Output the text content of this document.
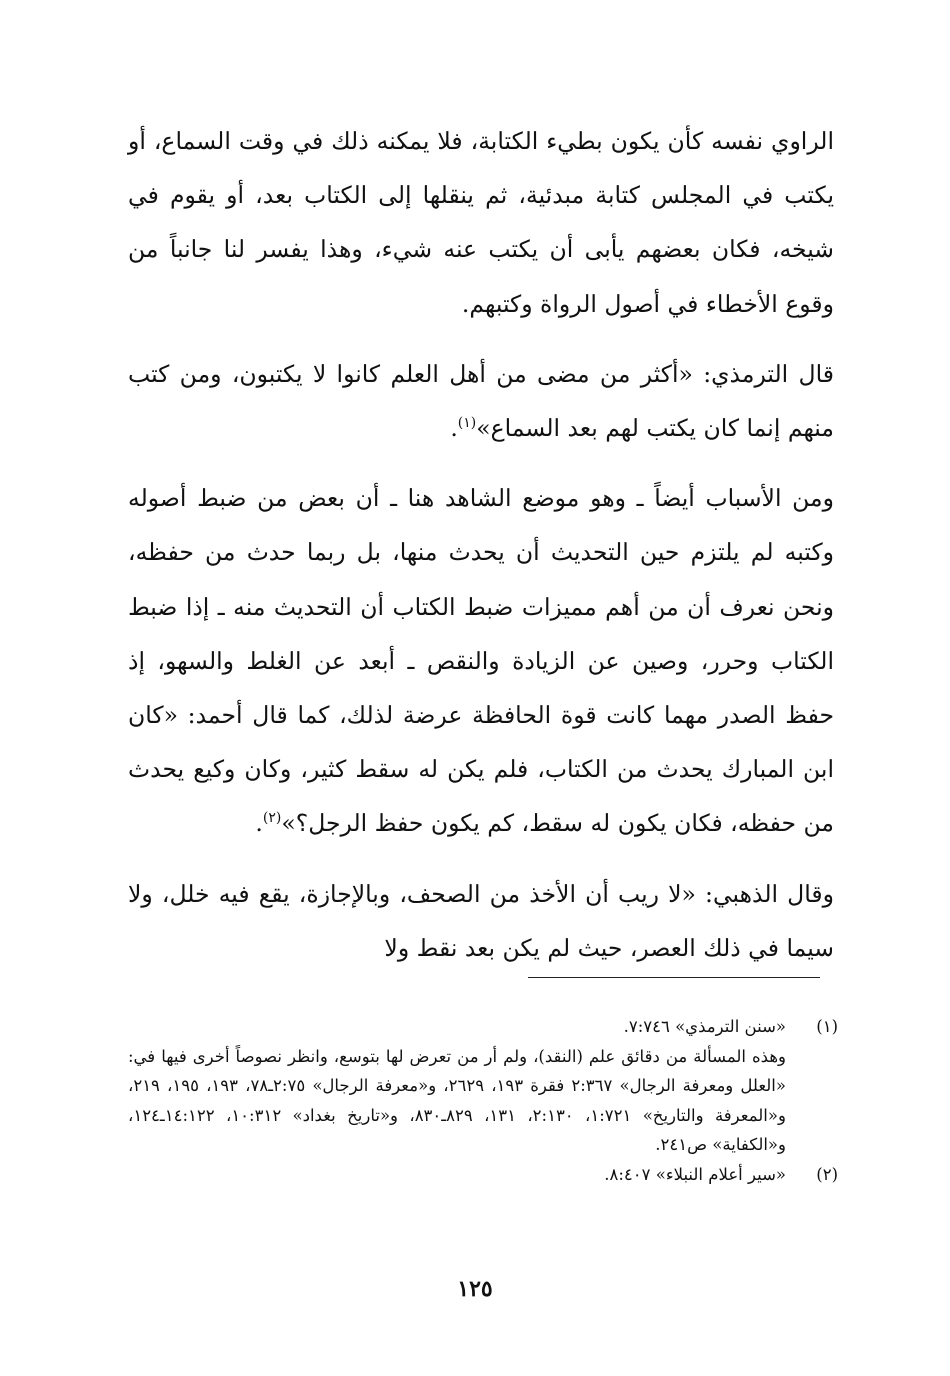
الراوي نفسه كأن يكون بطيء الكتابة، فلا يمكنه ذلك في وقت السماع، أو يكتب في المجلس كتابة مبدئية، ثم ينقلها إلى الكتاب بعد، أو يقوم في شيخه، فكان بعضهم يأبى أن يكتب عنه شيء، وهذا يفسر لنا جانباً من وقوع الأخطاء في أصول الرواة وكتبهم.

قال الترمذي: «أكثر من مضى من أهل العلم كانوا لا يكتبون، ومن كتب منهم إنما كان يكتب لهم بعد السماع»$^{(١)}$.

ومن الأسباب أيضاً ـ وهو موضع الشاهد هنا ـ أن بعض من ضبط أصوله وكتبه لم يلتزم حين التحديث أن يحدث منها، بل ربما حدث من حفظه، ونحن نعرف أن من أهم مميزات ضبط الكتاب أن التحديث منه ـ إذا ضبط الكتاب وحرر، وصين عن الزيادة والنقص ـ أبعد عن الغلط والسهو، إذ حفظ الصدر مهما كانت قوة الحافظة عرضة لذلك، كما قال أحمد: «كان ابن المبارك يحدث من الكتاب، فلم يكن له سقط كثير، وكان وكيع يحدث من حفظه، فكان يكون له سقط، كم يكون حفظ الرجل؟»$^{(٢)}$.

وقال الذهبي: «لا ريب أن الأخذ من الصحف، وبالإجازة، يقع فيه خلل، ولا سيما في ذلك العصر، حيث لم يكن بعد نقط ولا

(١)

«سنن الترمذي» ٧:٧٤٦.

وهذه المسألة من دقائق علم (النقد)، ولم أر من تعرض لها بتوسع، وانظر نصوصاً أخرى فيها في: «العلل ومعرفة الرجال» ٢:٣٦٧ فقرة ١٩٣، ٢٦٢٩، و«معرفة الرجال» ٢:٧٥ـ٧٨، ١٩٣، ١٩٥، ٢١٩، و«المعرفة والتاريخ» ١:٧٢١، ٢:١٣٠، ١٣١، ٨٢٩ـ٨٣٠، و«تاريخ بغداد» ١٠:٣١٢، ١٤:١٢٢ـ١٢٤، و«الكفاية» ص٢٤١.

(٢)

«سير أعلام النبلاء» ٨:٤٠٧.

١٢٥
